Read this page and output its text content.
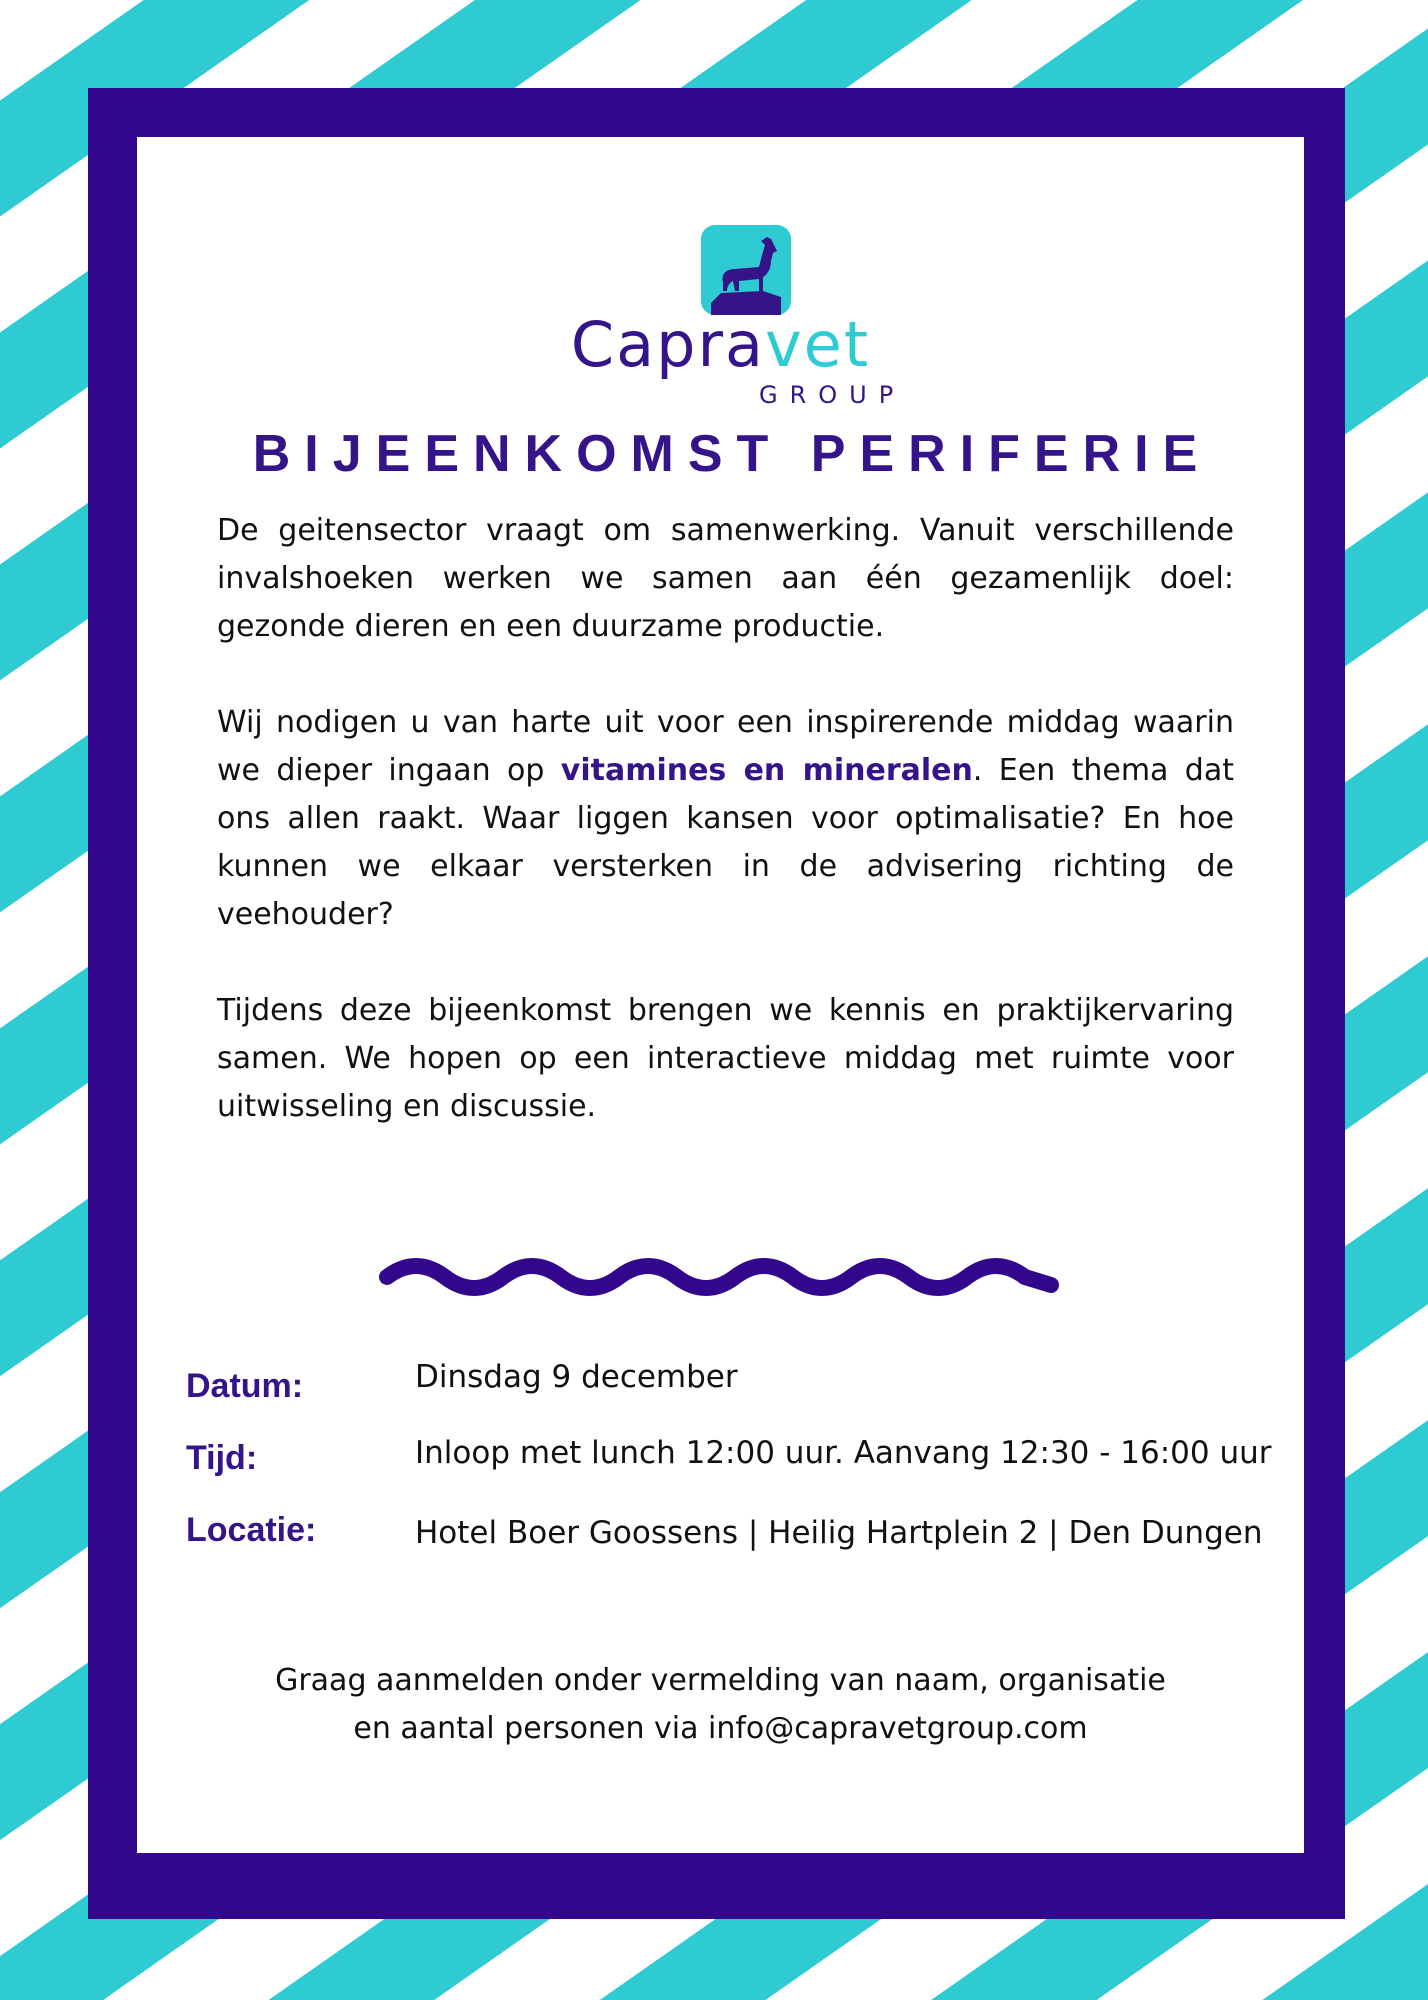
Capravet
GROUP
BIJEENKOMST PERIFERIE

De geitensector vraagt om samenwerking. Vanuit verschillende invalshoeken werken we samen aan één gezamenlijk doel: gezonde dieren en een duurzame productie.

Wij nodigen u van harte uit voor een inspirerende middag waarin we dieper ingaan op vitamines en mineralen. Een thema dat ons allen raakt. Waar liggen kansen voor optimalisatie? En hoe kunnen we elkaar versterken in de advisering richting de veehouder?

Tijdens deze bijeenkomst brengen we kennis en praktijkervaring samen. We hopen op een interactieve middag met ruimte voor uitwisseling en discussie.

Datum:	Dinsdag 9 december
Tijd:	Inloop met lunch 12:00 uur. Aanvang 12:30 - 16:00 uur
Locatie:	Hotel Boer Goossens | Heilig Hartplein 2 | Den Dungen
Graag aanmelden onder vermelding van naam, organisatie
en aantal personen via info@capravetgroup.com
